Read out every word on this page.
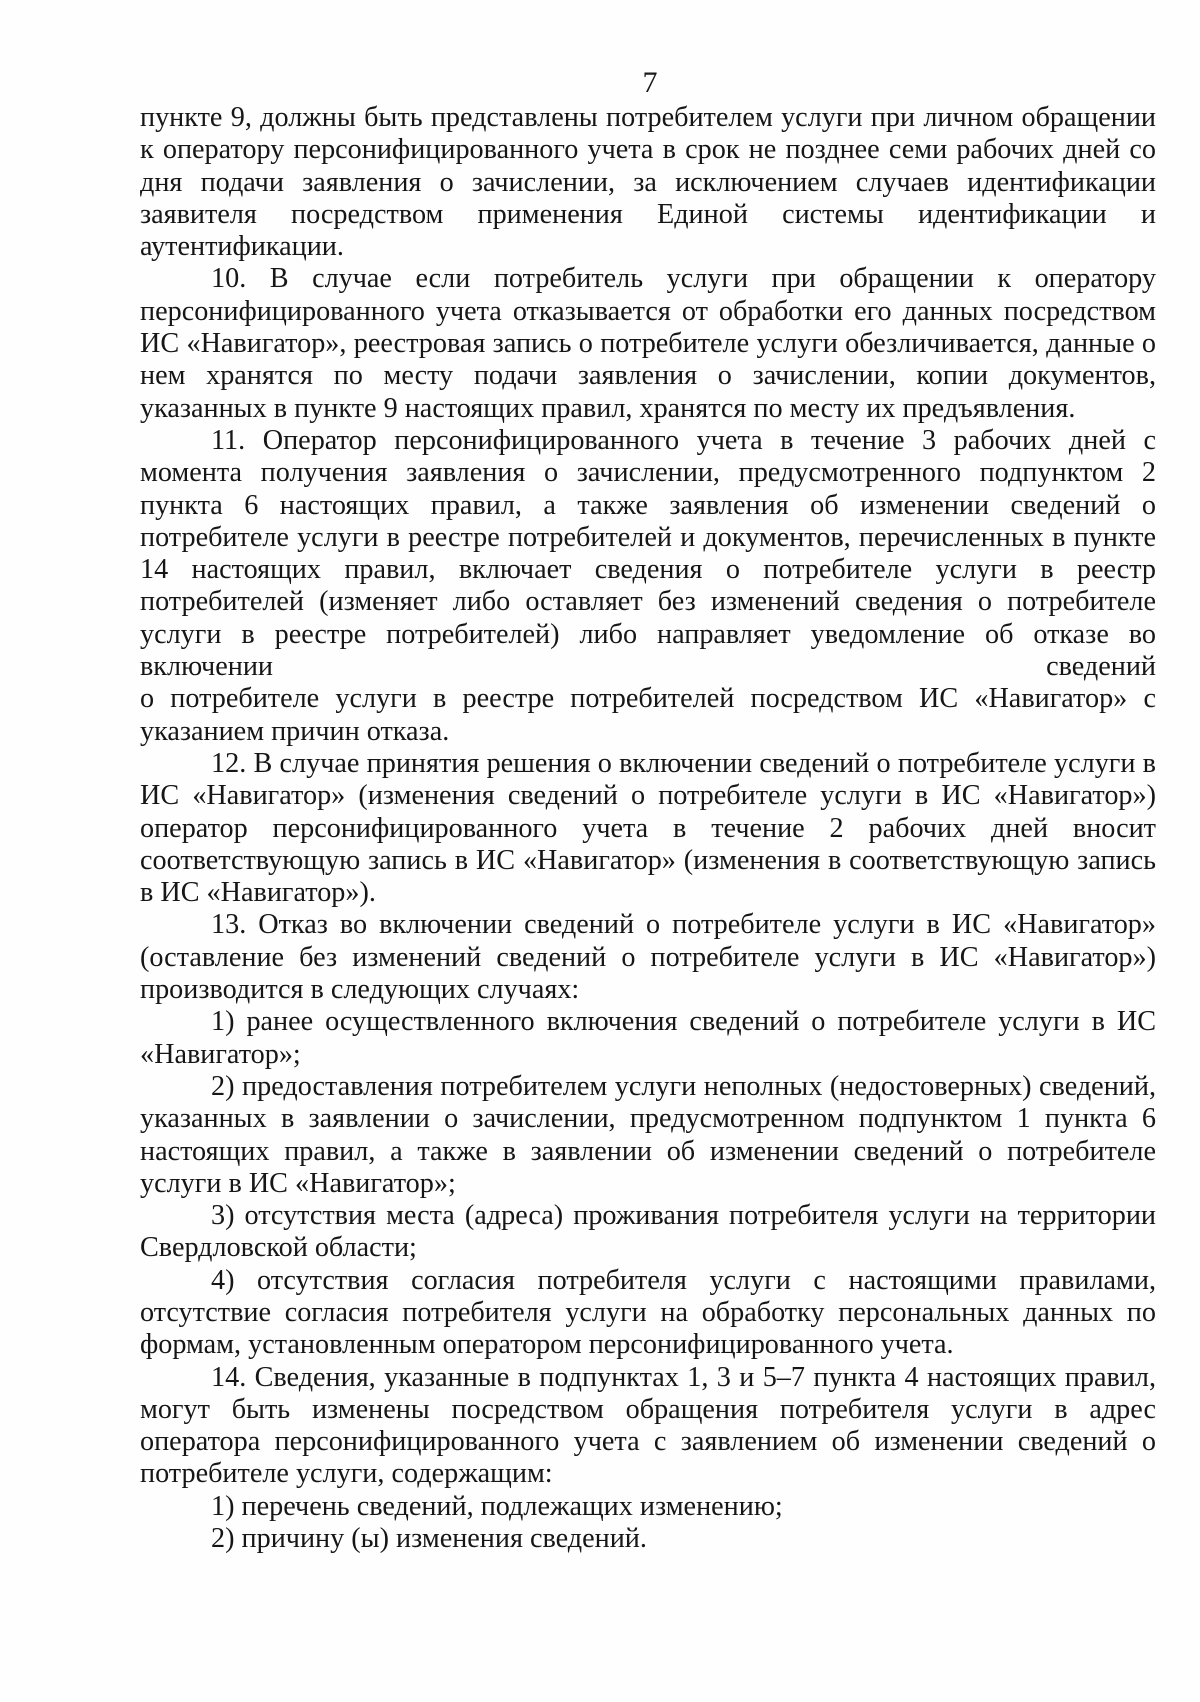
7

пункте 9, должны быть представлены потребителем услуги при личном обращении к оператору персонифицированного учета в срок не позднее семи рабочих дней со дня подачи заявления о зачислении, за исключением случаев идентификации заявителя посредством применения Единой системы идентификации и аутентификации.

10. В случае если потребитель услуги при обращении к оператору персонифицированного учета отказывается от обработки его данных посредством ИС «Навигатор», реестровая запись о потребителе услуги обезличивается, данные о нем хранятся по месту подачи заявления о зачислении, копии документов, указанных в пункте 9 настоящих правил, хранятся по месту их предъявления.

11. Оператор персонифицированного учета в течение 3 рабочих дней с момента получения заявления о зачислении, предусмотренного подпунктом 2 пункта 6 настоящих правил, а также заявления об изменении сведений о потребителе услуги в реестре потребителей и документов, перечисленных в пункте 14 настоящих правил, включает сведения о потребителе услуги в реестр потребителей (изменяет либо оставляет без изменений сведения о потребителе услуги в реестре потребителей) либо направляет уведомление об отказе во включении сведений

о потребителе услуги в реестре потребителей посредством ИС «Навигатор» с указанием причин отказа.

12. В случае принятия решения о включении сведений о потребителе услуги в ИС «Навигатор» (изменения сведений о потребителе услуги в ИС «Навигатор») оператор персонифицированного учета в течение 2 рабочих дней вносит соответствующую запись в ИС «Навигатор» (изменения в соответствующую запись в ИС «Навигатор»).

13. Отказ во включении сведений о потребителе услуги в ИС «Навигатор» (оставление без изменений сведений о потребителе услуги в ИС «Навигатор») производится в следующих случаях:

1) ранее осуществленного включения сведений о потребителе услуги в ИС «Навигатор»;

2) предоставления потребителем услуги неполных (недостоверных) сведений, указанных в заявлении о зачислении, предусмотренном подпунктом 1 пункта 6 настоящих правил, а также в заявлении об изменении сведений о потребителе услуги в ИС «Навигатор»;

3) отсутствия места (адреса) проживания потребителя услуги на территории Свердловской области;

4) отсутствия согласия потребителя услуги с настоящими правилами, отсутствие согласия потребителя услуги на обработку персональных данных по формам, установленным оператором персонифицированного учета.

14. Сведения, указанные в подпунктах 1, 3 и 5–7 пункта 4 настоящих правил, могут быть изменены посредством обращения потребителя услуги в адрес оператора персонифицированного учета с заявлением об изменении сведений о потребителе услуги, содержащим:

1) перечень сведений, подлежащих изменению;

2) причину (ы) изменения сведений.
